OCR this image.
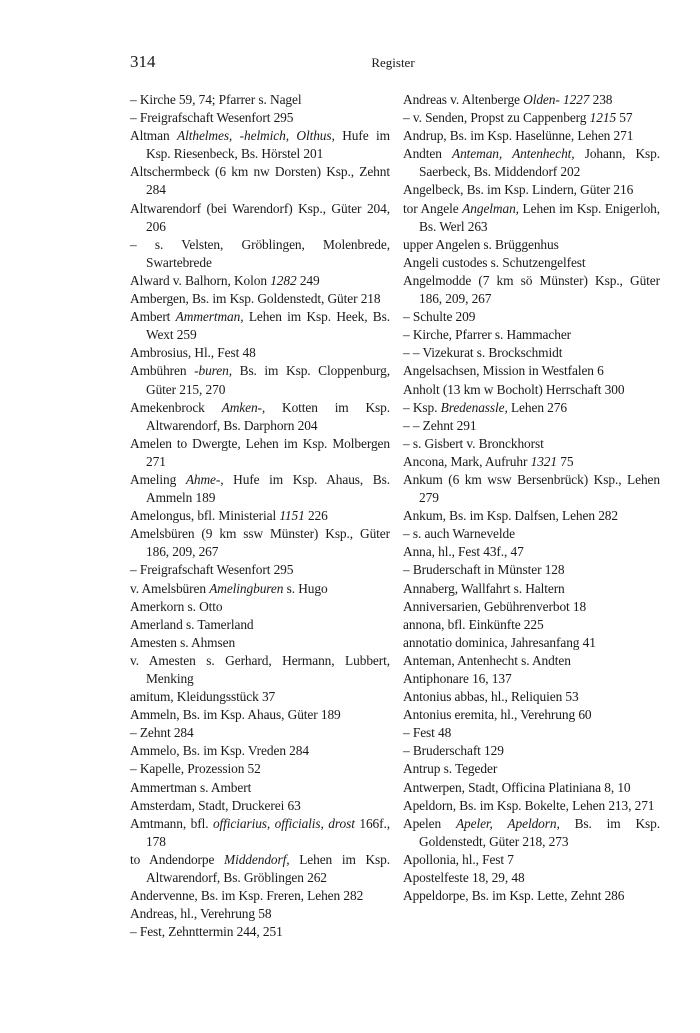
314	Register

– Kirche 59, 74; Pfarrer s. Nagel

– Freigrafschaft Wesenfort 295

Altman Althelmes, -helmich, Olthus, Hufe im Ksp. Riesenbeck, Bs. Hörstel 201

Altschermbeck (6 km nw Dorsten) Ksp., Zehnt 284

Altwarendorf (bei Warendorf) Ksp., Güter 204, 206

– s. Velsten, Gröblingen, Molenbrede, Swartebrede

Alward v. Balhorn, Kolon 1282 249

Ambergen, Bs. im Ksp. Goldenstedt, Güter 218

Ambert Ammertman, Lehen im Ksp. Heek, Bs. Wext 259

Ambrosius, Hl., Fest 48

Ambühren -buren, Bs. im Ksp. Cloppenburg, Güter 215, 270

Amekenbrock Amken-, Kotten im Ksp. Altwarendorf, Bs. Darphorn 204

Amelen to Dwergte, Lehen im Ksp. Molbergen 271

Ameling Ahme-, Hufe im Ksp. Ahaus, Bs. Ammeln 189

Amelongus, bfl. Ministerial 1151 226

Amelsbüren (9 km ssw Münster) Ksp., Güter 186, 209, 267

– Freigrafschaft Wesenfort 295

v. Amelsbüren Amelingburen s. Hugo

Amerkorn s. Otto

Amerland s. Tamerland

Amesten s. Ahmsen

v. Amesten s. Gerhard, Hermann, Lubbert, Menking

amitum, Kleidungsstück 37

Ammeln, Bs. im Ksp. Ahaus, Güter 189

– Zehnt 284

Ammelo, Bs. im Ksp. Vreden 284

– Kapelle, Prozession 52

Ammertman s. Ambert

Amsterdam, Stadt, Druckerei 63

Amtmann, bfl. officiarius, officialis, drost 166f., 178

to Andendorpe Middendorf, Lehen im Ksp. Altwarendorf, Bs. Gröblingen 262

Andervenne, Bs. im Ksp. Freren, Lehen 282

Andreas, hl., Verehrung 58

– Fest, Zehnttermin 244, 251

Andreas v. Altenberge Olden- 1227 238

– v. Senden, Propst zu Cappenberg 1215 57

Andrup, Bs. im Ksp. Haselünne, Lehen 271

Andten Anteman, Antenhecht, Johann, Ksp. Saerbeck, Bs. Middendorf 202

Angelbeck, Bs. im Ksp. Lindern, Güter 216

tor Angele Angelman, Lehen im Ksp. Enigerloh, Bs. Werl 263

upper Angelen s. Brüggenhus

Angeli custodes s. Schutzengelfest

Angelmodde (7 km sö Münster) Ksp., Güter 186, 209, 267

– Schulte 209

– Kirche, Pfarrer s. Hammacher

– – Vizekurat s. Brockschmidt

Angelsachsen, Mission in Westfalen 6

Anholt (13 km w Bocholt) Herrschaft 300

– Ksp. Bredenassle, Lehen 276

– – Zehnt 291

– s. Gisbert v. Bronckhorst

Ancona, Mark, Aufruhr 1321 75

Ankum (6 km wsw Bersenbrück) Ksp., Lehen 279

Ankum, Bs. im Ksp. Dalfsen, Lehen 282

– s. auch Warnevelde

Anna, hl., Fest 43f., 47

– Bruderschaft in Münster 128

Annaberg, Wallfahrt s. Haltern

Anniversarien, Gebührenverbot 18

annona, bfl. Einkünfte 225

annotatio dominica, Jahresanfang 41

Anteman, Antenhecht s. Andten

Antiphonare 16, 137

Antonius abbas, hl., Reliquien 53

Antonius eremita, hl., Verehrung 60

– Fest 48

– Bruderschaft 129

Antrup s. Tegeder

Antwerpen, Stadt, Officina Platiniana 8, 10

Apeldorn, Bs. im Ksp. Bokelte, Lehen 213, 271

Apelen Apeler, Apeldorn, Bs. im Ksp. Goldenstedt, Güter 218, 273

Apollonia, hl., Fest 7

Apostelfeste 18, 29, 48

Appeldorpe, Bs. im Ksp. Lette, Zehnt 286
